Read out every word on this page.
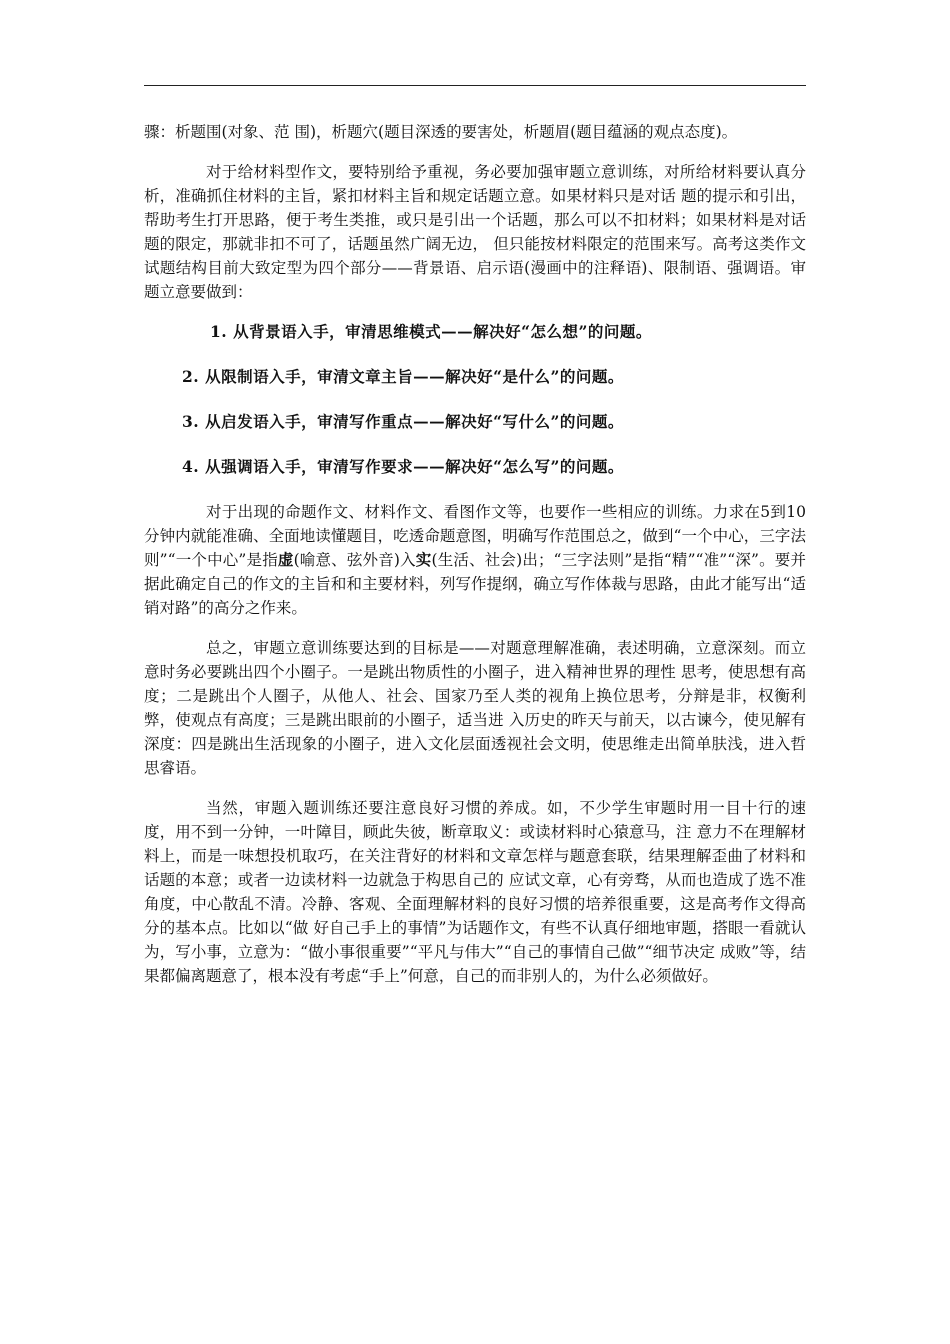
骤：析题围(对象、范 围)，析题穴(题目深透的要害处，析题眉(题目蕴涵的观点态度)。

对于给材料型作文，要特别给予重视，务必要加强审题立意训练，对所给材料要认真分析，准确抓住材料的主旨，紧扣材料主旨和规定话题立意。如果材料只是对话 题的提示和引出，帮助考生打开思路，便于考生类推，或只是引出一个话题，那么可以不扣材料；如果材料是对话题的限定，那就非扣不可了，话题虽然广阔无边， 但只能按材料限定的范围来写。高考这类作文试题结构目前大致定型为四个部分——背景语、启示语(漫画中的注释语)、限制语、强调语。审题立意要做到：

1. 从背景语入手，审清思维模式——解决好“怎么想”的问题。

2. 从限制语入手，审清文章主旨——解决好“是什么”的问题。

3. 从启发语入手，审清写作重点——解决好“写什么”的问题。

4. 从强调语入手，审清写作要求——解决好“怎么写”的问题。

对于出现的命题作文、材料作文、看图作文等，也要作一些相应的训练。力求在5到10分钟内就能准确、全面地读懂题目，吃透命题意图，明确写作范围总之，做到“一个中心，三字法则”“一个中心”是指虚(喻意、弦外音)入实(生活、社会)出；“三字法则”是指“精”“准”“深”。要并据此确定自己的作文的主旨和和主要材料，列写作提纲，确立写作体裁与思路，由此才能写出“适销对路”的高分之作来。

总之，审题立意训练要达到的目标是——对题意理解准确，表述明确，立意深刻。而立意时务必要跳出四个小圈子。一是跳出物质性的小圈子，进入精神世界的理性 思考，使思想有高度；二是跳出个人圈子，从他人、社会、国家乃至人类的视角上换位思考，分辩是非，权衡利弊，使观点有高度；三是跳出眼前的小圈子，适当进 入历史的昨天与前天，以古谏今，使见解有深度：四是跳出生活现象的小圈子，进入文化层面透视社会文明，使思维走出简单肤浅，进入哲思睿语。

当然，审题入题训练还要注意良好习惯的养成。如，不少学生审题时用一目十行的速度，用不到一分钟，一叶障目，顾此失彼，断章取义：或读材料时心猿意马，注 意力不在理解材料上，而是一味想投机取巧，在关注背好的材料和文章怎样与题意套联，结果理解歪曲了材料和话题的本意；或者一边读材料一边就急于构思自己的 应试文章，心有旁骛，从而也造成了选不准角度，中心散乱不清。冷静、客观、全面理解材料的良好习惯的培养很重要，这是高考作文得高分的基本点。比如以“做 好自己手上的事情”为话题作文，有些不认真仔细地审题，搭眼一看就认为，写小事，立意为：“做小事很重要”“平凡与伟大”“自己的事情自己做”“细节决定 成败”等，结果都偏离题意了，根本没有考虑“手上”何意，自己的而非别人的，为什么必须做好。
